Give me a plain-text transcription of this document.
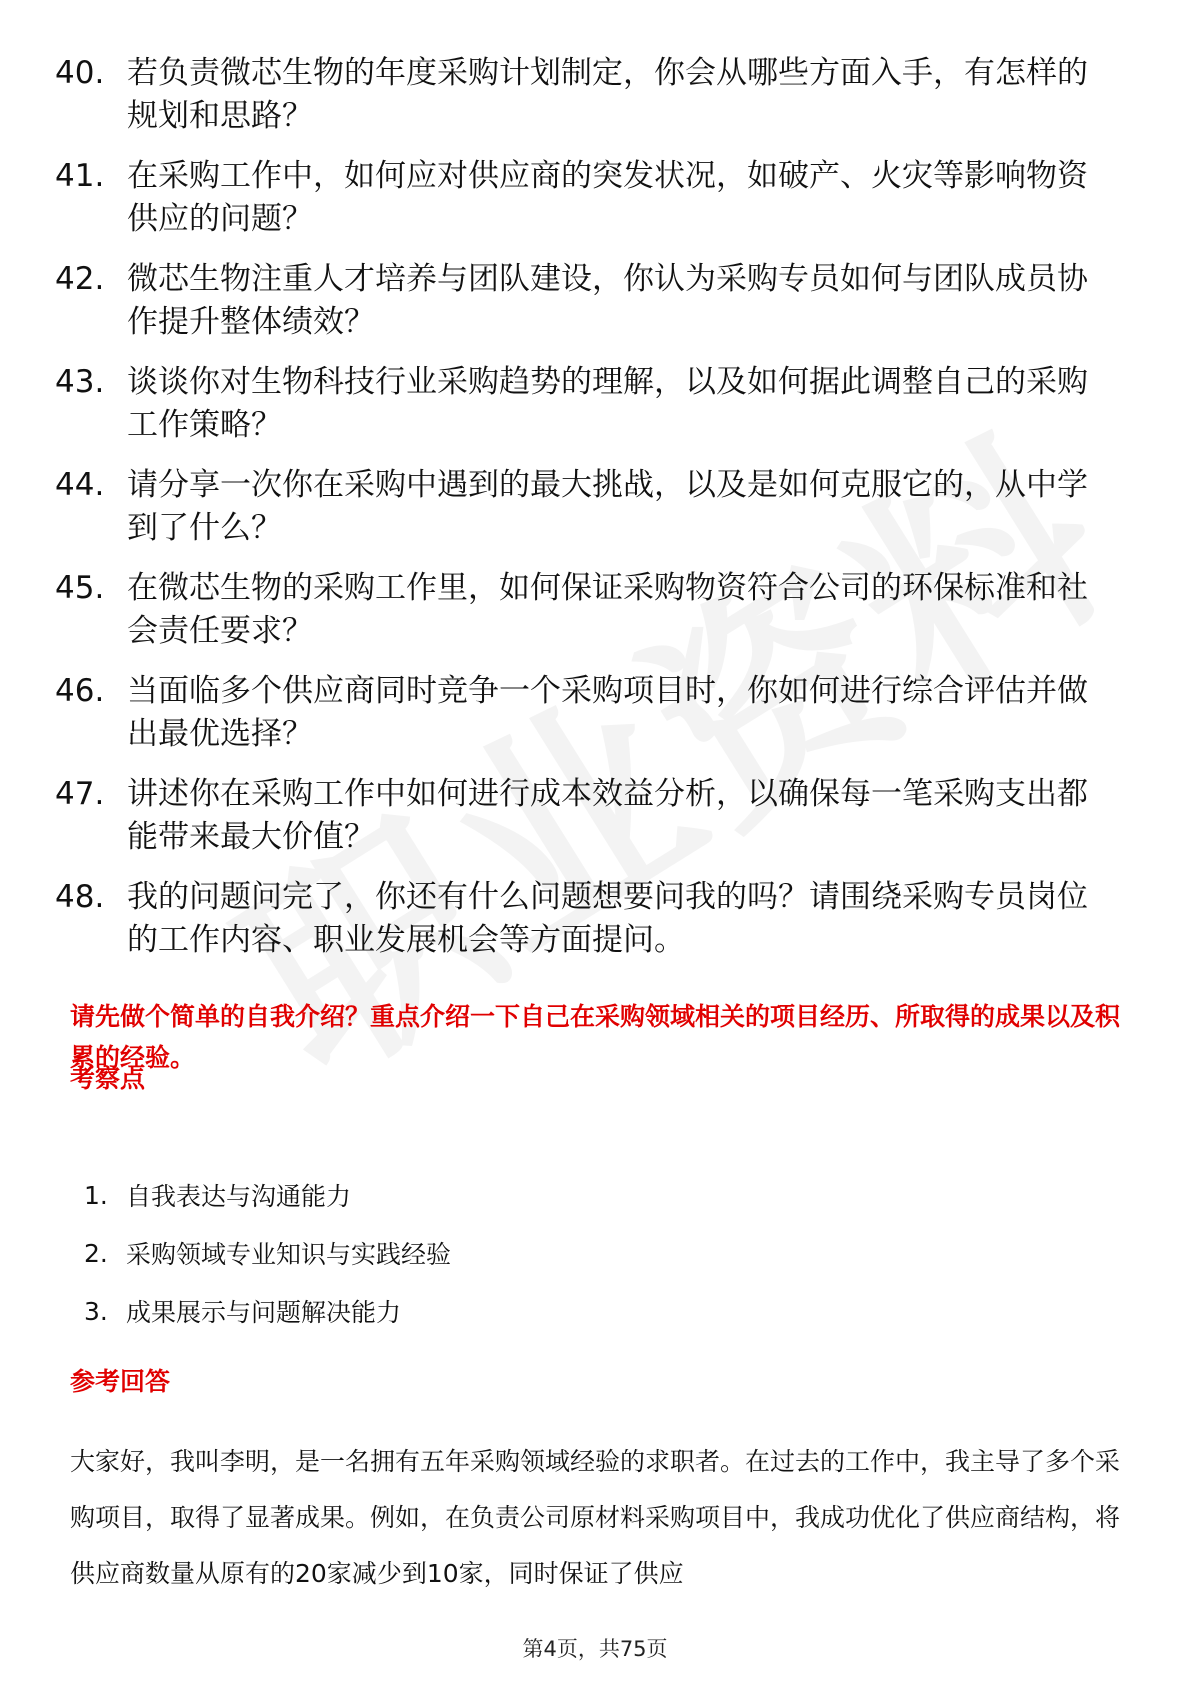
40. 若负责微芯生物的年度采购计划制定，你会从哪些方面入手，有怎样的规划和思路？
41. 在采购工作中，如何应对供应商的突发状况，如破产、火灾等影响物资供应的问题？
42. 微芯生物注重人才培养与团队建设，你认为采购专员如何与团队成员协作提升整体绩效？
43. 谈谈你对生物科技行业采购趋势的理解，以及如何据此调整自己的采购工作策略？
44. 请分享一次你在采购中遇到的最大挑战，以及是如何克服它的，从中学到了什么？
45. 在微芯生物的采购工作里，如何保证采购物资符合公司的环保标准和社会责任要求？
46. 当面临多个供应商同时竞争一个采购项目时，你如何进行综合评估并做出最优选择？
47. 讲述你在采购工作中如何进行成本效益分析，以确保每一笔采购支出都能带来最大价值？
48. 我的问题问完了，你还有什么问题想要问我的吗？请围绕采购专员岗位的工作内容、职业发展机会等方面提问。
请先做个简单的自我介绍？重点介绍一下自己在采购领域相关的项目经历、所取得的成果以及积累的经验。
考察点
1. 自我表达与沟通能力
2. 采购领域专业知识与实践经验
3. 成果展示与问题解决能力
参考回答
大家好，我叫李明，是一名拥有五年采购领域经验的求职者。在过去的工作中，我主导了多个采购项目，取得了显著成果。例如，在负责公司原材料采购项目中，我成功优化了供应商结构，将供应商数量从原有的20家减少到10家，同时保证了供应
第4页，共75页
